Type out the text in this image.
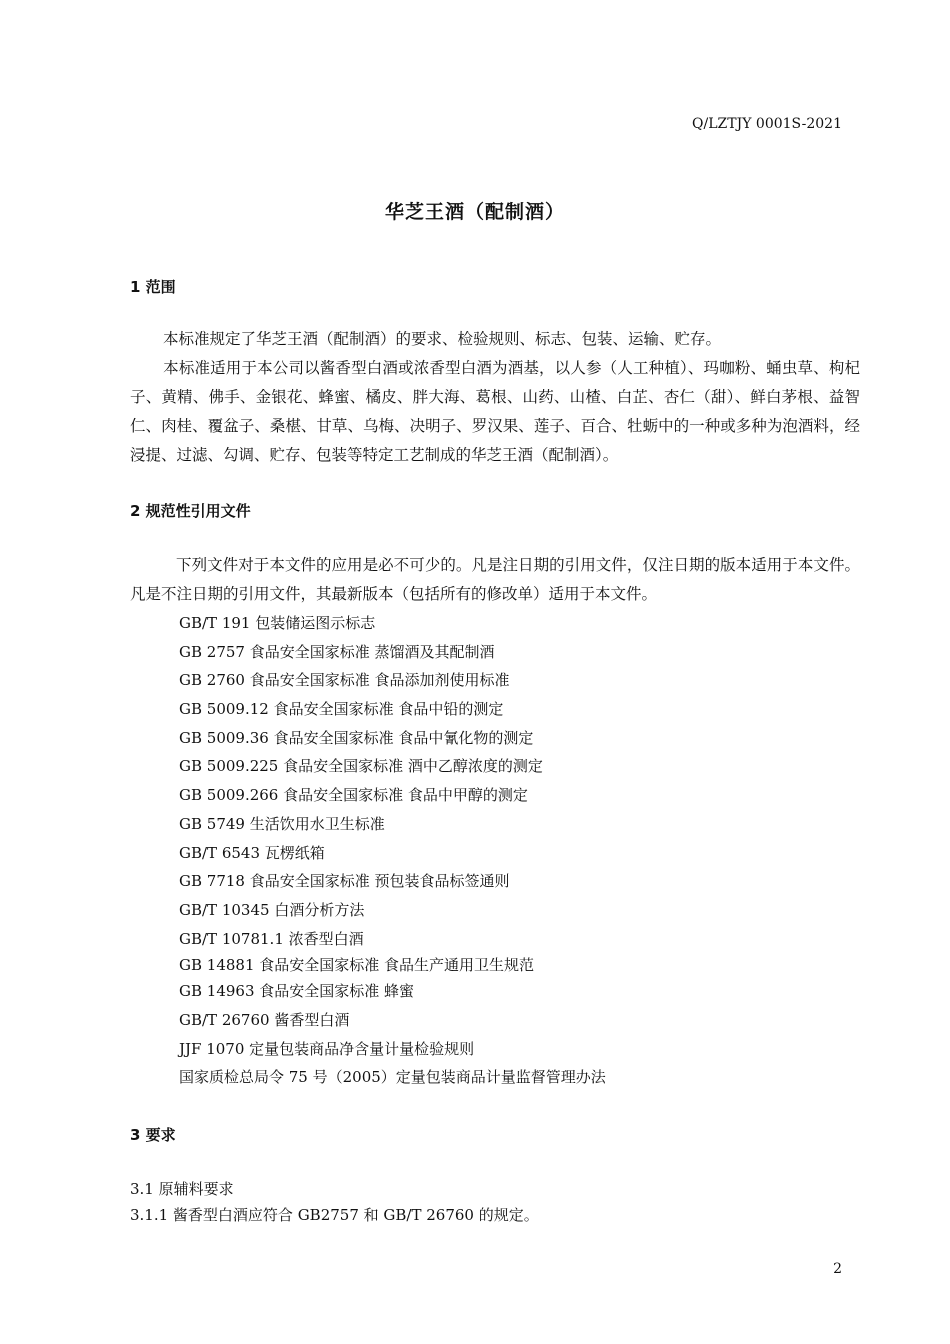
Q/LZTJY 0001S-2021
华芝王酒（配制酒）
1 范围
本标准规定了华芝王酒（配制酒）的要求、检验规则、标志、包装、运输、贮存。
本标准适用于本公司以酱香型白酒或浓香型白酒为酒基，以人参（人工种植）、玛咖粉、蛹虫草、枸杞子、黄精、佛手、金银花、蜂蜜、橘皮、胖大海、葛根、山药、山楂、白芷、杏仁（甜）、鲜白茅根、益智仁、肉桂、覆盆子、桑椹、甘草、乌梅、决明子、罗汉果、莲子、百合、牡蛎中的一种或多种为泡酒料，经浸提、过滤、勾调、贮存、包装等特定工艺制成的华芝王酒（配制酒）。
2 规范性引用文件
下列文件对于本文件的应用是必不可少的。凡是注日期的引用文件，仅注日期的版本适用于本文件。凡是不注日期的引用文件，其最新版本（包括所有的修改单）适用于本文件。
GB/T 191 包装储运图示标志
GB 2757 食品安全国家标准 蒸馏酒及其配制酒
GB 2760 食品安全国家标准 食品添加剂使用标准
GB 5009.12 食品安全国家标准 食品中铅的测定
GB 5009.36 食品安全国家标准 食品中氰化物的测定
GB 5009.225 食品安全国家标准 酒中乙醇浓度的测定
GB 5009.266 食品安全国家标准 食品中甲醇的测定
GB 5749 生活饮用水卫生标准
GB/T 6543 瓦楞纸箱
GB 7718 食品安全国家标准 预包装食品标签通则
GB/T 10345 白酒分析方法
GB/T 10781.1 浓香型白酒
GB 14881 食品安全国家标准 食品生产通用卫生规范
GB 14963 食品安全国家标准 蜂蜜
GB/T 26760 酱香型白酒
JJF 1070 定量包装商品净含量计量检验规则
国家质检总局令 75 号（2005）定量包装商品计量监督管理办法
3 要求
3.1 原辅料要求
3.1.1 酱香型白酒应符合 GB2757 和 GB/T 26760 的规定。
2
